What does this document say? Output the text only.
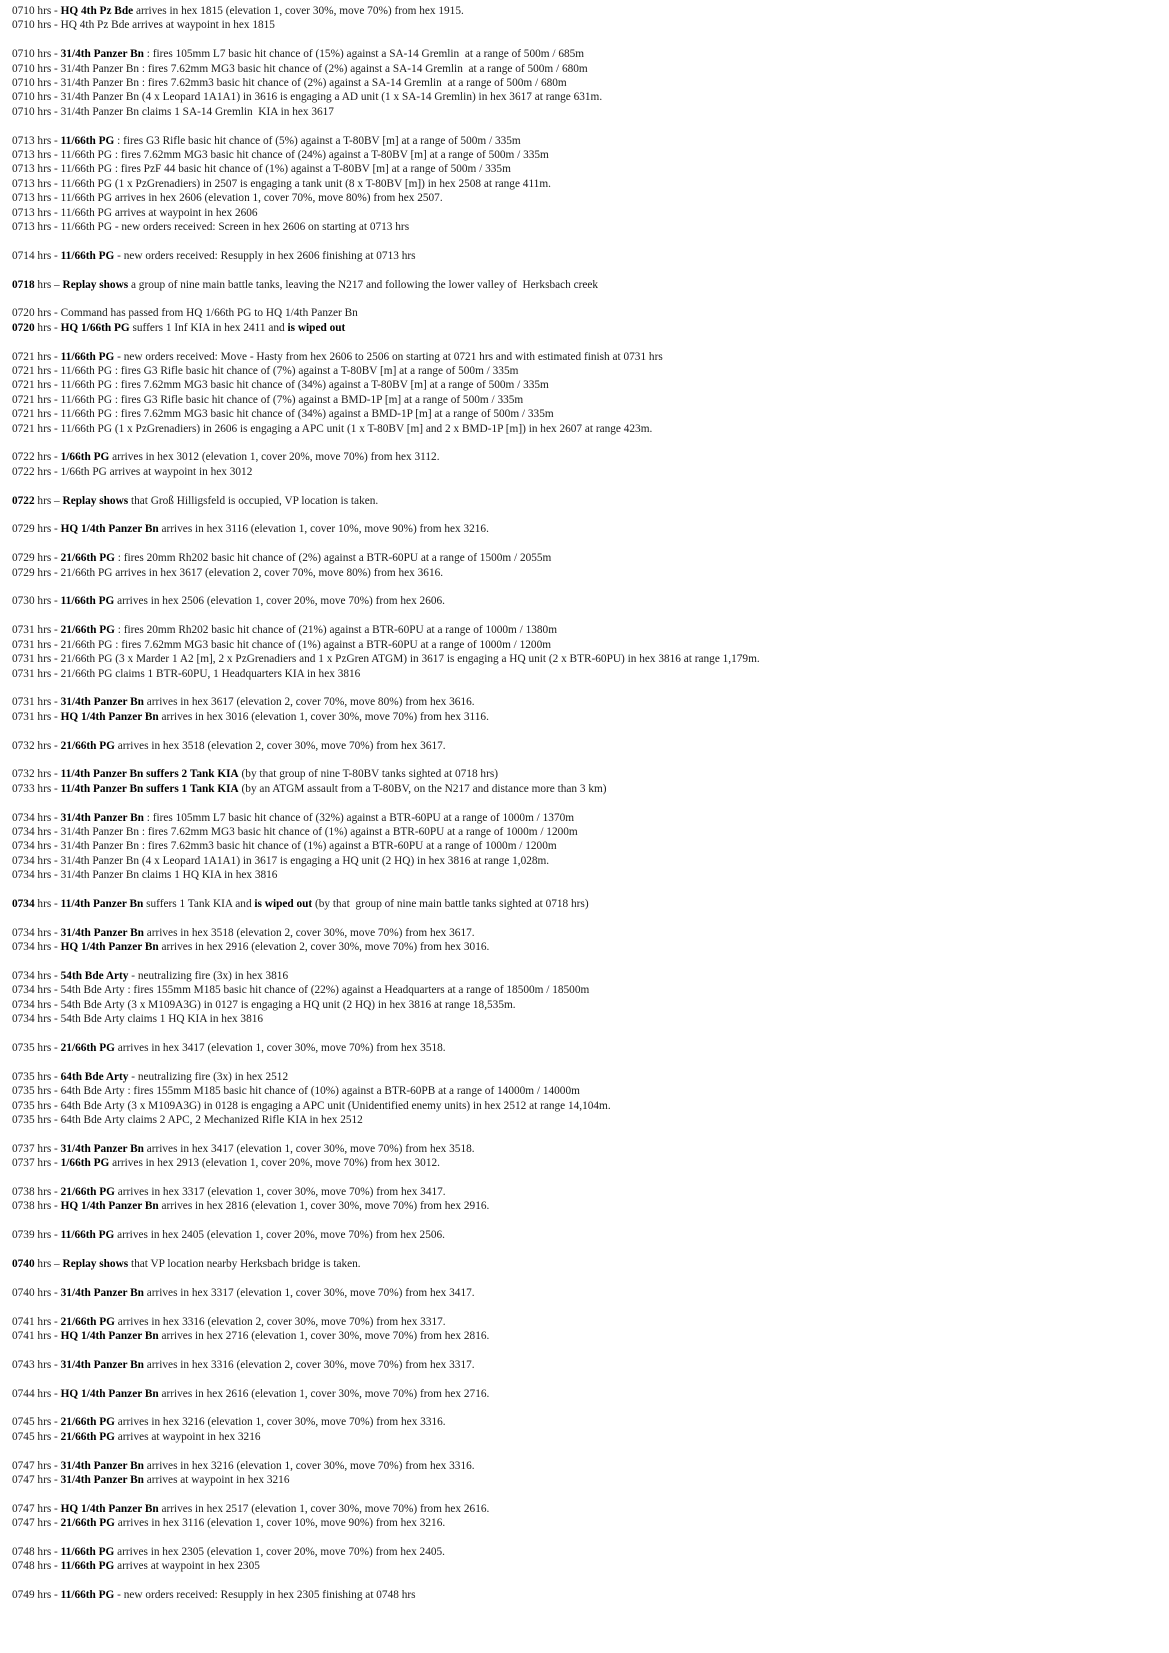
0710 hrs - HQ 4th Pz Bde arrives in hex 1815 (elevation 1, cover 30%, move 70%) from hex 1915.
0710 hrs - HQ 4th Pz Bde arrives at waypoint in hex 1815
0710 hrs - 31/4th Panzer Bn : fires 105mm L7 basic hit chance of (15%) against a SA-14 Gremlin  at a range of 500m / 685m
0710 hrs - 31/4th Panzer Bn : fires 7.62mm MG3 basic hit chance of (2%) against a SA-14 Gremlin  at a range of 500m / 680m
0710 hrs - 31/4th Panzer Bn : fires 7.62mm3 basic hit chance of (2%) against a SA-14 Gremlin  at a range of 500m / 680m
0710 hrs - 31/4th Panzer Bn (4 x Leopard 1A1A1) in 3616 is engaging a AD unit (1 x SA-14 Gremlin) in hex 3617 at range 631m.
0710 hrs - 31/4th Panzer Bn claims 1 SA-14 Gremlin  KIA in hex 3617
0713 hrs - 11/66th PG : fires G3 Rifle basic hit chance of (5%) against a T-80BV [m] at a range of 500m / 335m
0713 hrs - 11/66th PG : fires 7.62mm MG3 basic hit chance of (24%) against a T-80BV [m] at a range of 500m / 335m
0713 hrs - 11/66th PG : fires PzF 44 basic hit chance of (1%) against a T-80BV [m] at a range of 500m / 335m
0713 hrs - 11/66th PG (1 x PzGrenadiers) in 2507 is engaging a tank unit (8 x T-80BV [m]) in hex 2508 at range 411m.
0713 hrs - 11/66th PG arrives in hex 2606 (elevation 1, cover 70%, move 80%) from hex 2507.
0713 hrs - 11/66th PG arrives at waypoint in hex 2606
0713 hrs - 11/66th PG - new orders received: Screen in hex 2606 on starting at 0713 hrs
0714 hrs - 11/66th PG - new orders received: Resupply in hex 2606 finishing at 0713 hrs
0718 hrs – Replay shows a group of nine main battle tanks, leaving the N217 and following the lower valley of  Herksbach creek
0720 hrs - Command has passed from HQ 1/66th PG to HQ 1/4th Panzer Bn
0720 hrs - HQ 1/66th PG suffers 1 Inf KIA in hex 2411 and is wiped out
0721 hrs - 11/66th PG - new orders received: Move - Hasty from hex 2606 to 2506 on starting at 0721 hrs and with estimated finish at 0731 hrs
0721 hrs - 11/66th PG : fires G3 Rifle basic hit chance of (7%) against a T-80BV [m] at a range of 500m / 335m
0721 hrs - 11/66th PG : fires 7.62mm MG3 basic hit chance of (34%) against a T-80BV [m] at a range of 500m / 335m
0721 hrs - 11/66th PG : fires G3 Rifle basic hit chance of (7%) against a BMD-1P [m] at a range of 500m / 335m
0721 hrs - 11/66th PG : fires 7.62mm MG3 basic hit chance of (34%) against a BMD-1P [m] at a range of 500m / 335m
0721 hrs - 11/66th PG (1 x PzGrenadiers) in 2606 is engaging a APC unit (1 x T-80BV [m] and 2 x BMD-1P [m]) in hex 2607 at range 423m.
0722 hrs - 1/66th PG arrives in hex 3012 (elevation 1, cover 20%, move 70%) from hex 3112.
0722 hrs - 1/66th PG arrives at waypoint in hex 3012
0722 hrs – Replay shows that Groß Hilligsfeld is occupied, VP location is taken.
0729 hrs - HQ 1/4th Panzer Bn arrives in hex 3116 (elevation 1, cover 10%, move 90%) from hex 3216.
0729 hrs - 21/66th PG : fires 20mm Rh202 basic hit chance of (2%) against a BTR-60PU at a range of 1500m / 2055m
0729 hrs - 21/66th PG arrives in hex 3617 (elevation 2, cover 70%, move 80%) from hex 3616.
0730 hrs - 11/66th PG arrives in hex 2506 (elevation 1, cover 20%, move 70%) from hex 2606.
0731 hrs - 21/66th PG : fires 20mm Rh202 basic hit chance of (21%) against a BTR-60PU at a range of 1000m / 1380m
0731 hrs - 21/66th PG : fires 7.62mm MG3 basic hit chance of (1%) against a BTR-60PU at a range of 1000m / 1200m
0731 hrs - 21/66th PG (3 x Marder 1 A2 [m], 2 x PzGrenadiers and 1 x PzGren ATGM) in 3617 is engaging a HQ unit (2 x BTR-60PU) in hex 3816 at range 1,179m.
0731 hrs - 21/66th PG claims 1 BTR-60PU, 1 Headquarters KIA in hex 3816
0731 hrs - 31/4th Panzer Bn arrives in hex 3617 (elevation 2, cover 70%, move 80%) from hex 3616.
0731 hrs - HQ 1/4th Panzer Bn arrives in hex 3016 (elevation 1, cover 30%, move 70%) from hex 3116.
0732 hrs - 21/66th PG arrives in hex 3518 (elevation 2, cover 30%, move 70%) from hex 3617.
0732 hrs - 11/4th Panzer Bn suffers 2 Tank KIA (by that group of nine T-80BV tanks sighted at 0718 hrs)
0733 hrs - 11/4th Panzer Bn suffers 1 Tank KIA (by an ATGM assault from a T-80BV, on the N217 and distance more than 3 km)
0734 hrs - 31/4th Panzer Bn : fires 105mm L7 basic hit chance of (32%) against a BTR-60PU at a range of 1000m / 1370m
0734 hrs - 31/4th Panzer Bn : fires 7.62mm MG3 basic hit chance of (1%) against a BTR-60PU at a range of 1000m / 1200m
0734 hrs - 31/4th Panzer Bn : fires 7.62mm3 basic hit chance of (1%) against a BTR-60PU at a range of 1000m / 1200m
0734 hrs - 31/4th Panzer Bn (4 x Leopard 1A1A1) in 3617 is engaging a HQ unit (2 HQ) in hex 3816 at range 1,028m.
0734 hrs - 31/4th Panzer Bn claims 1 HQ KIA in hex 3816
0734 hrs - 11/4th Panzer Bn suffers 1 Tank KIA and is wiped out (by that  group of nine main battle tanks sighted at 0718 hrs)
0734 hrs - 31/4th Panzer Bn arrives in hex 3518 (elevation 2, cover 30%, move 70%) from hex 3617.
0734 hrs - HQ 1/4th Panzer Bn arrives in hex 2916 (elevation 2, cover 30%, move 70%) from hex 3016.
0734 hrs - 54th Bde Arty - neutralizing fire (3x) in hex 3816
0734 hrs - 54th Bde Arty : fires 155mm M185 basic hit chance of (22%) against a Headquarters at a range of 18500m / 18500m
0734 hrs - 54th Bde Arty (3 x M109A3G) in 0127 is engaging a HQ unit (2 HQ) in hex 3816 at range 18,535m.
0734 hrs - 54th Bde Arty claims 1 HQ KIA in hex 3816
0735 hrs - 21/66th PG arrives in hex 3417 (elevation 1, cover 30%, move 70%) from hex 3518.
0735 hrs - 64th Bde Arty - neutralizing fire (3x) in hex 2512
0735 hrs - 64th Bde Arty : fires 155mm M185 basic hit chance of (10%) against a BTR-60PB at a range of 14000m / 14000m
0735 hrs - 64th Bde Arty (3 x M109A3G) in 0128 is engaging a APC unit (Unidentified enemy units) in hex 2512 at range 14,104m.
0735 hrs - 64th Bde Arty claims 2 APC, 2 Mechanized Rifle KIA in hex 2512
0737 hrs - 31/4th Panzer Bn arrives in hex 3417 (elevation 1, cover 30%, move 70%) from hex 3518.
0737 hrs - 1/66th PG arrives in hex 2913 (elevation 1, cover 20%, move 70%) from hex 3012.
0738 hrs - 21/66th PG arrives in hex 3317 (elevation 1, cover 30%, move 70%) from hex 3417.
0738 hrs - HQ 1/4th Panzer Bn arrives in hex 2816 (elevation 1, cover 30%, move 70%) from hex 2916.
0739 hrs - 11/66th PG arrives in hex 2405 (elevation 1, cover 20%, move 70%) from hex 2506.
0740 hrs – Replay shows that VP location nearby Herksbach bridge is taken.
0740 hrs - 31/4th Panzer Bn arrives in hex 3317 (elevation 1, cover 30%, move 70%) from hex 3417.
0741 hrs - 21/66th PG arrives in hex 3316 (elevation 2, cover 30%, move 70%) from hex 3317.
0741 hrs - HQ 1/4th Panzer Bn arrives in hex 2716 (elevation 1, cover 30%, move 70%) from hex 2816.
0743 hrs - 31/4th Panzer Bn arrives in hex 3316 (elevation 2, cover 30%, move 70%) from hex 3317.
0744 hrs - HQ 1/4th Panzer Bn arrives in hex 2616 (elevation 1, cover 30%, move 70%) from hex 2716.
0745 hrs - 21/66th PG arrives in hex 3216 (elevation 1, cover 30%, move 70%) from hex 3316.
0745 hrs - 21/66th PG arrives at waypoint in hex 3216
0747 hrs - 31/4th Panzer Bn arrives in hex 3216 (elevation 1, cover 30%, move 70%) from hex 3316.
0747 hrs - 31/4th Panzer Bn arrives at waypoint in hex 3216
0747 hrs - HQ 1/4th Panzer Bn arrives in hex 2517 (elevation 1, cover 30%, move 70%) from hex 2616.
0747 hrs - 21/66th PG arrives in hex 3116 (elevation 1, cover 10%, move 90%) from hex 3216.
0748 hrs - 11/66th PG arrives in hex 2305 (elevation 1, cover 20%, move 70%) from hex 2405.
0748 hrs - 11/66th PG arrives at waypoint in hex 2305
0749 hrs - 11/66th PG - new orders received: Resupply in hex 2305 finishing at 0748 hrs
